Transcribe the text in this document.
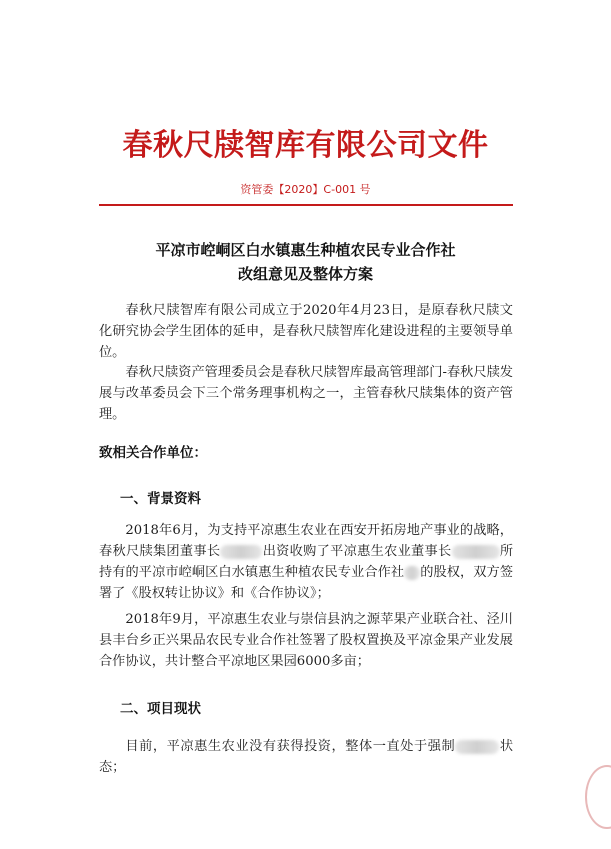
春秋尺牍智库有限公司文件
资管委【2020】C-001 号
平凉市崆峒区白水镇惠生种植农民专业合作社
改组意见及整体方案
春秋尺牍智库有限公司成立于2020年4月23日，是原春秋尺牍文化研究协会学生团体的延申，是春秋尺牍智库化建设进程的主要领导单位。
春秋尺牍资产管理委员会是春秋尺牍智库最高管理部门-春秋尺牍发展与改革委员会下三个常务理事机构之一，主管春秋尺牍集体的资产管理。
致相关合作单位：
一、背景资料
2018年6月，为支持平凉惠生农业在西安开拓房地产事业的战略，春秋尺牍集团董事长	出资收购了平凉惠生农业董事长	所持有的平凉市崆峒区白水镇惠生种植农民专业合作社 的股权，双方签署了《股权转让协议》和《合作协议》；
2018年9月，平凉惠生农业与崇信县汭之源苹果产业联合社、泾川县丰台乡正兴果品农民专业合作社签署了股权置换及平凉金果产业发展合作协议，共计整合平凉地区果园6000多亩；
二、项目现状
目前，平凉惠生农业没有获得投资，整体一直处于强制	状态；
